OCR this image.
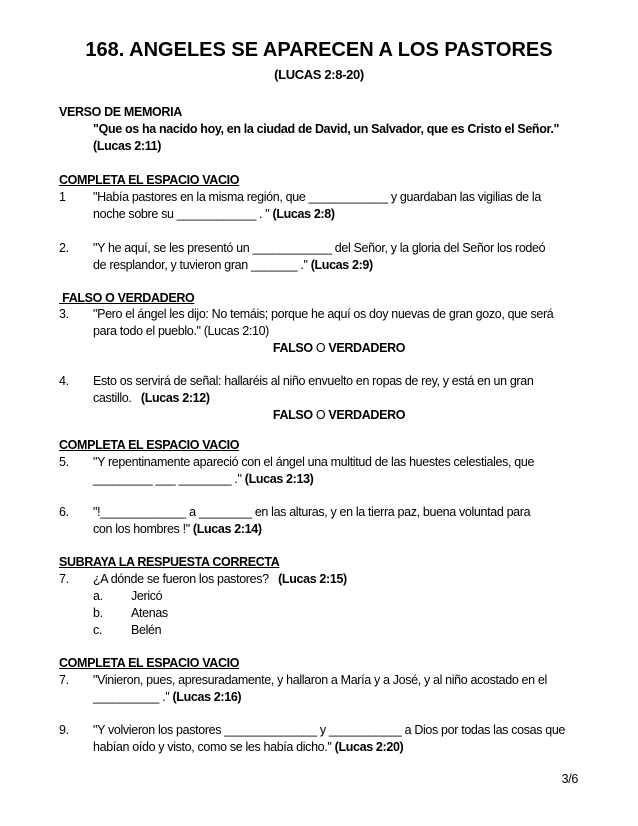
168. ANGELES SE APARECEN A LOS PASTORES
(LUCAS 2:8-20)
VERSO DE MEMORIA
"Que os ha nacido hoy, en la ciudad de David, un Salvador, que es Cristo el Señor."
(Lucas 2:11)
COMPLETA EL ESPACIO VACIO
1	"Había pastores en la misma región, que ____________ y guardaban las vigilias de la
noche sobre su ____________ . " (Lucas 2:8)
2.	"Y he aquí, se les presentó un ____________ del Señor, y la gloria del Señor los rodeó
de resplandor, y tuvieron gran _______ ." (Lucas 2:9)
FALSO O VERDADERO
3.	"Pero el ángel les dijo: No temáis; porque he aquí os doy nuevas de gran gozo, que será
para todo el pueblo." (Lucas 2:10)
FALSO O VERDADERO
4.	Esto os servirá de señal: hallaréis al niño envuelto en ropas de rey, y está en un gran
castillo. (Lucas 2:12)
FALSO O VERDADERO
COMPLETA EL ESPACIO VACIO
5.	"Y repentinamente apareció con el ángel una multitud de las huestes celestiales, que
_________ ___ ________ ." (Lucas 2:13)
6.	"!_____________ a ________ en las alturas, y en la tierra paz, buena voluntad para
con los hombres !" (Lucas 2:14)
SUBRAYA LA RESPUESTA CORRECTA
7.	¿A dónde se fueron los pastores? (Lucas 2:15)
a.	Jericó
b.	Atenas
c.	Belén
COMPLETA EL ESPACIO VACIO
7.	"Vinieron, pues, apresuradamente, y hallaron a María y a José, y al niño acostado en el
__________ ." (Lucas 2:16)
9.	"Y volvieron los pastores ______________ y ___________ a Dios por todas las cosas que
habían oído y visto, como se les había dicho." (Lucas 2:20)
3/6
